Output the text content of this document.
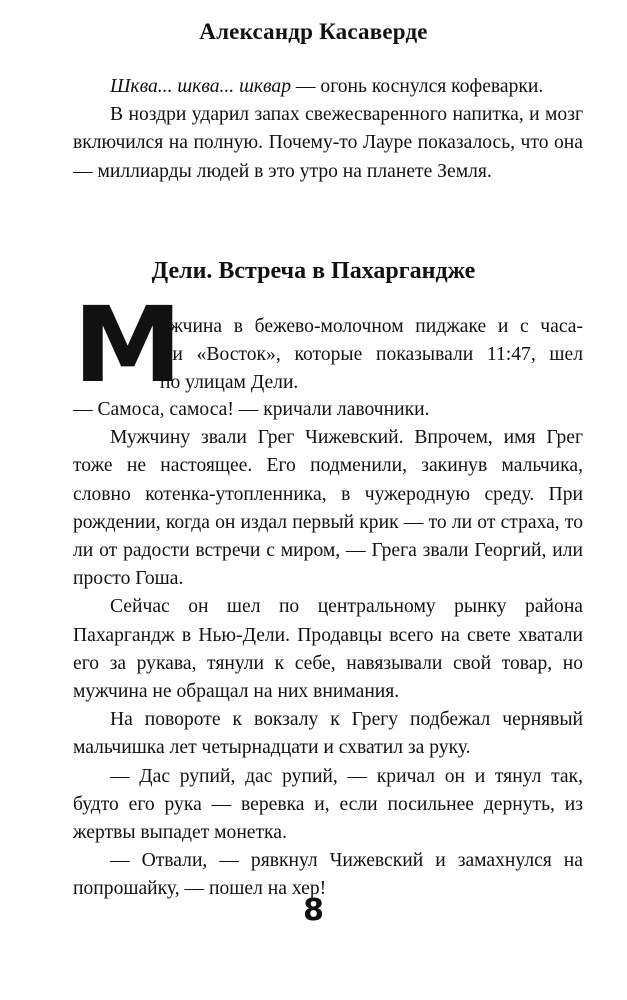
Александр Касаверде

Шква... шква... шквар — огонь коснулся кофеварки.

В ноздри ударил запах свежесваренного напитка, и мозг включился на полную. Почему-то Лауре показалось, что она — миллиарды людей в это утро на планете Земля.

Дели. Встреча в Пахаргандже
М
ужчина в бежево-молочном пиджаке и с часа-
ми «Восток», которые показывали 11:47, шел
по улицам Дели.

— Самоса, самоса! — кричали лавочники.

Мужчину звали Грег Чижевский. Впрочем, имя Грег тоже не настоящее. Его подменили, закинув мальчика, словно котенка-утопленника, в чужеродную среду. При рождении, когда он издал первый крик — то ли от страха, то ли от радости встречи с миром, — Грега звали Георгий, или просто Гоша.

Сейчас он шел по центральному рынку района Пахаргандж в Нью-Дели. Продавцы всего на свете хватали его за рукава, тянули к себе, навязывали свой товар, но мужчина не обращал на них внимания.

На повороте к вокзалу к Грегу подбежал чернявый мальчишка лет четырнадцати и схватил за руку.

— Дас рупий, дас рупий, — кричал он и тянул так, будто его рука — веревка и, если посильнее дернуть, из жертвы выпадет монетка.

— Отвали, — рявкнул Чижевский и замахнулся на попрошайку, — пошел на хер!

8
